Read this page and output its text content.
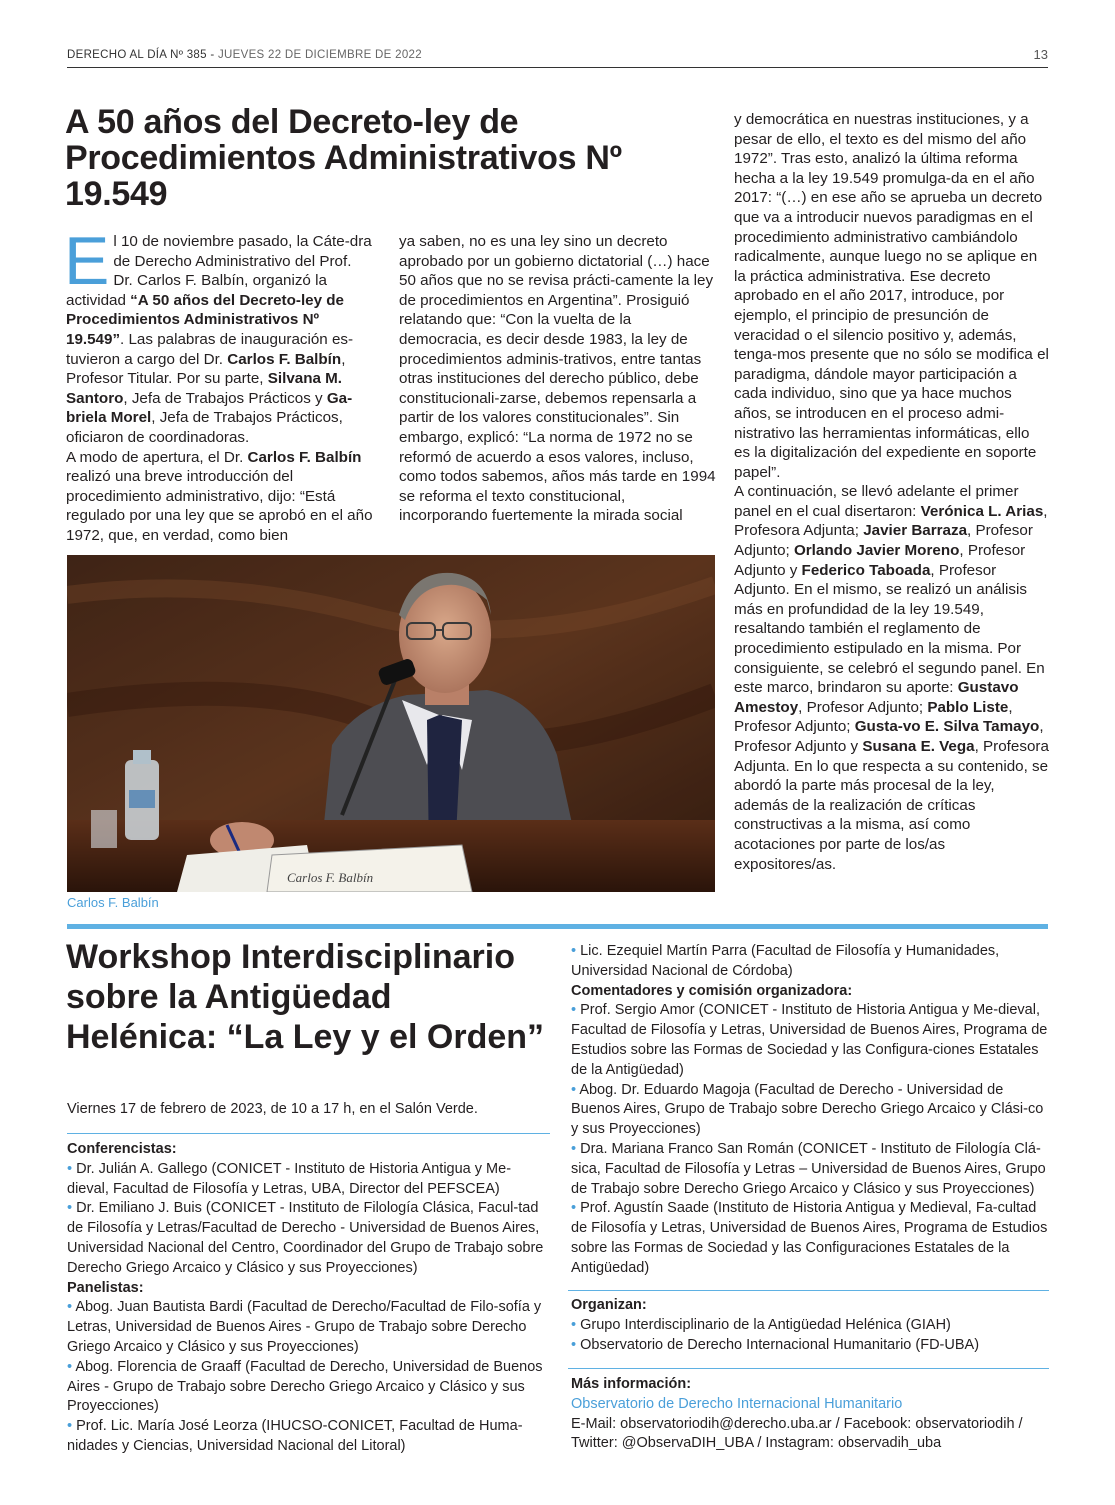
DERECHO AL DÍA Nº 385 - JUEVES 22 DE DICIEMBRE DE 2022	13
A 50 años del Decreto-ley de Procedimientos Administrativos Nº 19.549

El 10 de noviembre pasado, la Cáte-dra de Derecho Administrativo del Prof. Dr. Carlos F. Balbín, organizó la actividad “A 50 años del Decreto-ley de Procedimientos Administrativos Nº 19.549”. Las palabras de inauguración es-tuvieron a cargo del Dr. Carlos F. Balbín, Profesor Titular. Por su parte, Silvana M. Santoro, Jefa de Trabajos Prácticos y Ga-briela Morel, Jefa de Trabajos Prácticos, oficiaron de coordinadoras.

A modo de apertura, el Dr. Carlos F. Balbín realizó una breve introducción del procedimiento administrativo, dijo: “Está regulado por una ley que se aprobó en el año 1972, que, en verdad, como bien

ya saben, no es una ley sino un decreto aprobado por un gobierno dictatorial (…) hace 50 años que no se revisa prácti-camente la ley de procedimientos en Argentina”. Prosiguió relatando que: “Con la vuelta de la democracia, es decir desde 1983, la ley de procedimientos adminis-trativos, entre tantas otras instituciones del derecho público, debe constitucionali-zarse, debemos repensarla a partir de los valores constitucionales”. Sin embargo, explicó: “La norma de 1972 no se reformó de acuerdo a esos valores, incluso, como todos sabemos, años más tarde en 1994 se reforma el texto constitucional, incorporando fuertemente la mirada social

y democrática en nuestras instituciones, y a pesar de ello, el texto es del mismo del año 1972”. Tras esto, analizó la última reforma hecha a la ley 19.549 promulga-da en el año 2017: “(…) en ese año se aprueba un decreto que va a introducir nuevos paradigmas en el procedimiento administrativo cambiándolo radicalmente, aunque luego no se aplique en la práctica administrativa. Ese decreto aprobado en el año 2017, introduce, por ejemplo, el principio de presunción de veracidad o el silencio positivo y, además, tenga-mos presente que no sólo se modifica el paradigma, dándole mayor participación a cada individuo, sino que ya hace muchos años, se introducen en el proceso admi-nistrativo las herramientas informáticas, ello es la digitalización del expediente en soporte papel”.

A continuación, se llevó adelante el primer panel en el cual disertaron: Verónica L. Arias, Profesora Adjunta; Javier Barraza, Profesor Adjunto; Orlando Javier Moreno, Profesor Adjunto y Federico Taboada, Profesor Adjunto. En el mismo, se realizó un análisis más en profundidad de la ley 19.549, resaltando también el reglamento de procedimiento estipulado en la misma. Por consiguiente, se celebró el segundo panel. En este marco, brindaron su aporte: Gustavo Amestoy, Profesor Adjunto; Pablo Liste, Profesor Adjunto; Gusta-vo E. Silva Tamayo, Profesor Adjunto y Susana E. Vega, Profesora Adjunta. En lo que respecta a su contenido, se abordó la parte más procesal de la ley, además de la realización de críticas constructivas a la misma, así como acotaciones por parte de los/as expositores/as.

Carlos F. Balbín
Carlos F. Balbín
Workshop Interdisciplinario sobre la Antigüedad Helénica: “La Ley y el Orden”
Viernes 17 de febrero de 2023, de 10 a 17 h, en el Salón Verde.
Conferencistas:
• Dr. Julián A. Gallego (CONICET - Instituto de Historia Antigua y Me-dieval, Facultad de Filosofía y Letras, UBA, Director del PEFSCEA)
• Dr. Emiliano J. Buis (CONICET - Instituto de Filología Clásica, Facul-tad de Filosofía y Letras/Facultad de Derecho - Universidad de Buenos Aires, Universidad Nacional del Centro, Coordinador del Grupo de Trabajo sobre Derecho Griego Arcaico y Clásico y sus Proyecciones)
Panelistas:
• Abog. Juan Bautista Bardi (Facultad de Derecho/Facultad de Filo-sofía y Letras, Universidad de Buenos Aires - Grupo de Trabajo sobre Derecho Griego Arcaico y Clásico y sus Proyecciones)
• Abog. Florencia de Graaff (Facultad de Derecho, Universidad de Buenos Aires - Grupo de Trabajo sobre Derecho Griego Arcaico y Clásico y sus Proyecciones)
• Prof. Lic. María José Leorza (IHUCSO-CONICET, Facultad de Huma-nidades y Ciencias, Universidad Nacional del Litoral)
• Lic. Ezequiel Martín Parra (Facultad de Filosofía y Humanidades, Universidad Nacional de Córdoba)
Comentadores y comisión organizadora:
• Prof. Sergio Amor (CONICET - Instituto de Historia Antigua y Me-dieval, Facultad de Filosofía y Letras, Universidad de Buenos Aires, Programa de Estudios sobre las Formas de Sociedad y las Configura-ciones Estatales de la Antigüedad)
• Abog. Dr. Eduardo Magoja (Facultad de Derecho - Universidad de Buenos Aires, Grupo de Trabajo sobre Derecho Griego Arcaico y Clási-co y sus Proyecciones)
• Dra. Mariana Franco San Román (CONICET - Instituto de Filología Clá-sica, Facultad de Filosofía y Letras – Universidad de Buenos Aires, Grupo de Trabajo sobre Derecho Griego Arcaico y Clásico y sus Proyecciones)
• Prof. Agustín Saade (Instituto de Historia Antigua y Medieval, Fa-cultad de Filosofía y Letras, Universidad de Buenos Aires, Programa de Estudios sobre las Formas de Sociedad y las Configuraciones Estatales de la Antigüedad)
Organizan:
• Grupo Interdisciplinario de la Antigüedad Helénica (GIAH)
• Observatorio de Derecho Internacional Humanitario (FD-UBA)
Más información:
Observatorio de Derecho Internacional Humanitario
E-Mail: observatoriodih@derecho.uba.ar / Facebook: observatoriodih /
Twitter: @ObservaDIH_UBA / Instagram: observadih_uba
